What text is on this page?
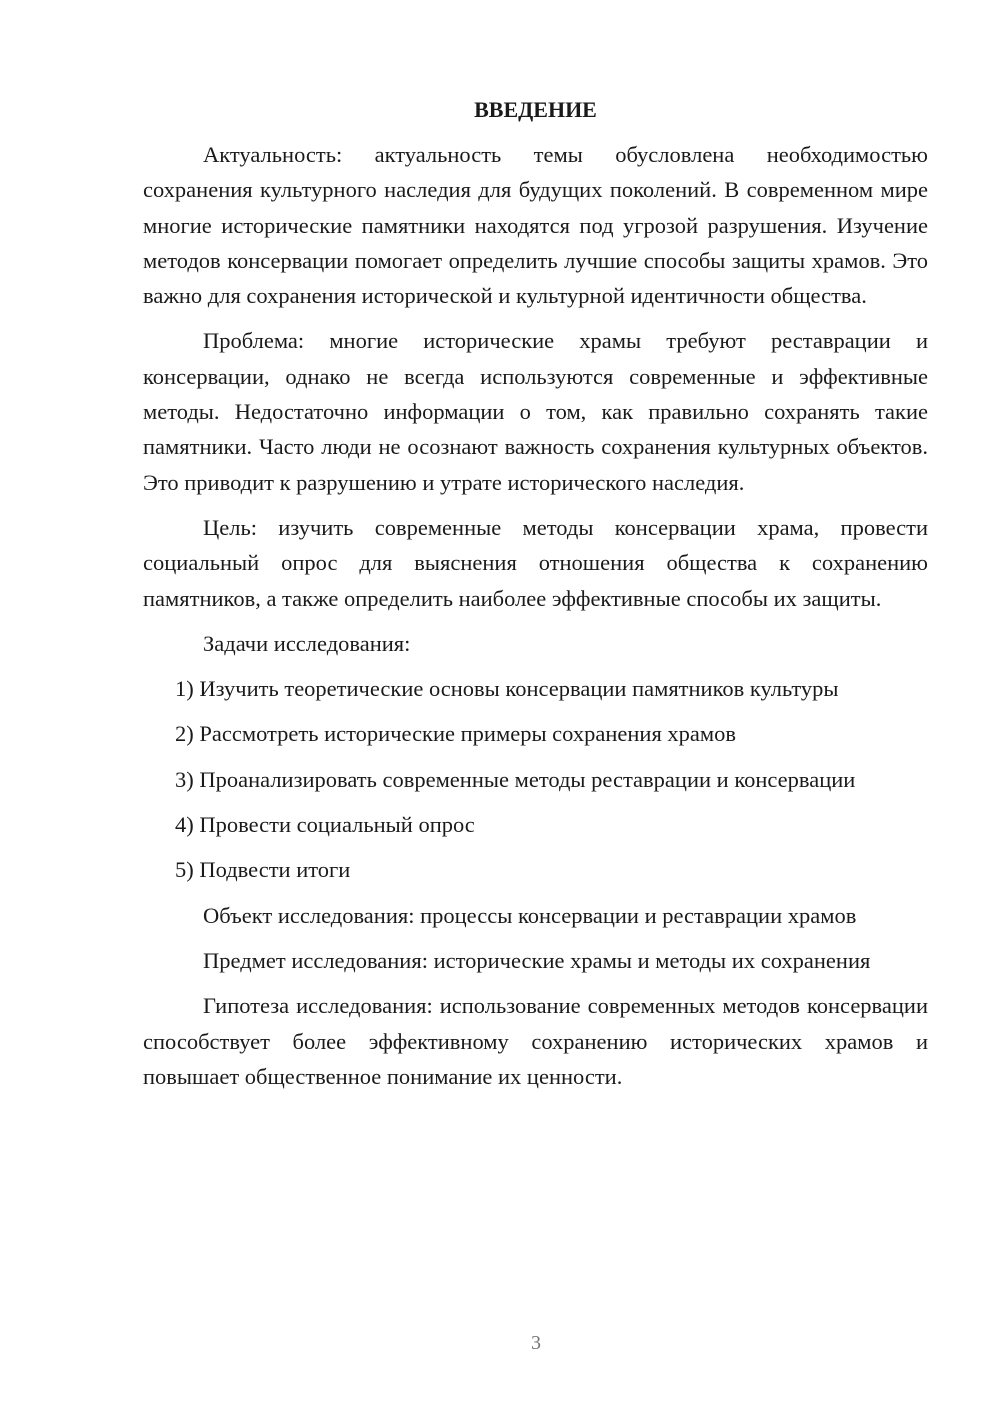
ВВЕДЕНИЕ

Актуальность: актуальность темы обусловлена необходимостью сохранения культурного наследия для будущих поколений. В современном мире многие исторические памятники находятся под угрозой разрушения. Изучение методов консервации помогает определить лучшие способы защиты храмов. Это важно для сохранения исторической и культурной идентичности общества.

Проблема: многие исторические храмы требуют реставрации и консервации, однако не всегда используются современные и эффективные методы. Недостаточно информации о том, как правильно сохранять такие памятники. Часто люди не осознают важность сохранения культурных объектов. Это приводит к разрушению и утрате исторического наследия.

Цель: изучить современные методы консервации храма, провести социальный опрос для выяснения отношения общества к сохранению памятников, а также определить наиболее эффективные способы их защиты.

Задачи исследования:

1) Изучить теоретические основы консервации памятников культуры

2) Рассмотреть исторические примеры сохранения храмов

3) Проанализировать современные методы реставрации и консервации

4) Провести социальный опрос

5) Подвести итоги

Объект исследования: процессы консервации и реставрации храмов

Предмет исследования: исторические храмы и методы их сохранения

Гипотеза исследования: использование современных методов консервации способствует более эффективному сохранению исторических храмов и повышает общественное понимание их ценности.

3
